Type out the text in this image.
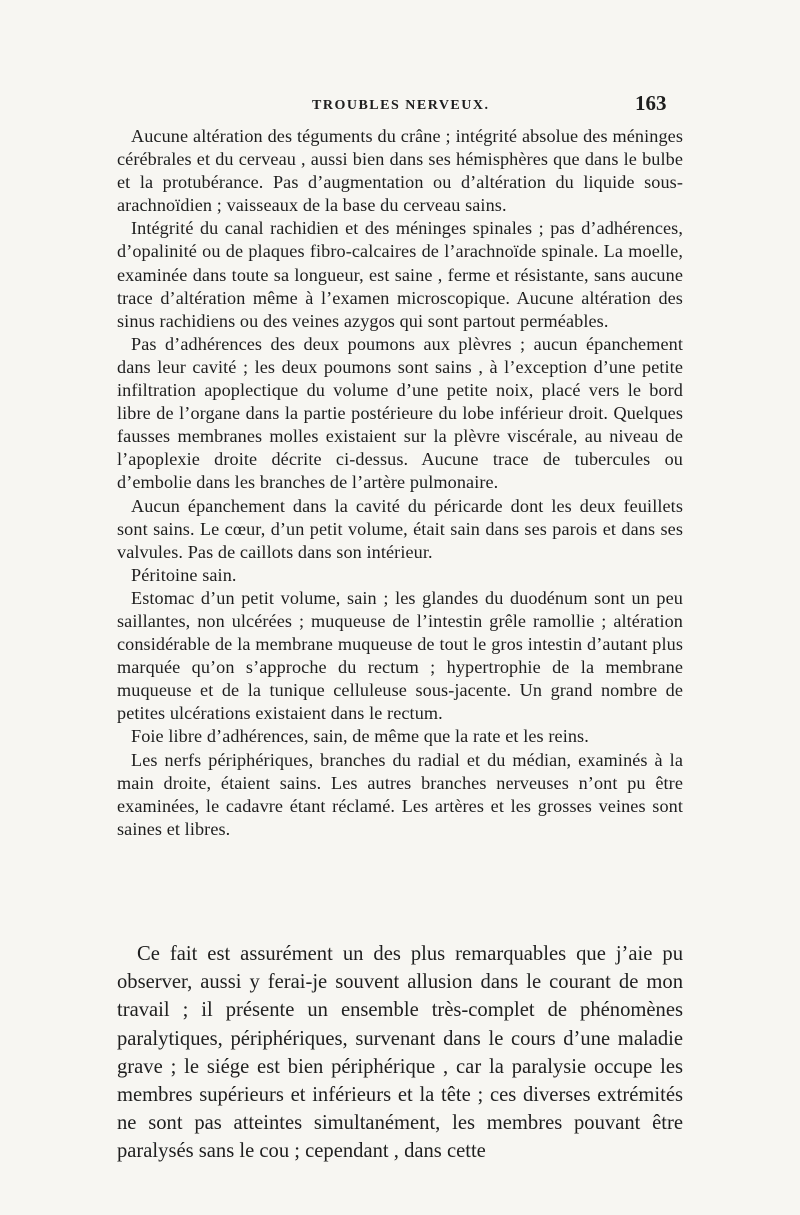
TROUBLES NERVEUX.	163

Aucune altération des téguments du crâne ; intégrité absolue des méninges cérébrales et du cerveau , aussi bien dans ses hémisphères que dans le bulbe et la protubérance. Pas d’augmentation ou d’altération du liquide sous-arachnoïdien ; vaisseaux de la base du cerveau sains.

Intégrité du canal rachidien et des méninges spinales ; pas d’adhérences, d’opalinité ou de plaques fibro-calcaires de l’arachnoïde spinale. La moelle, examinée dans toute sa longueur, est saine , ferme et résistante, sans aucune trace d’altération même à l’examen microscopique. Aucune altération des sinus rachidiens ou des veines azygos qui sont partout perméables.

Pas d’adhérences des deux poumons aux plèvres ; aucun épanchement dans leur cavité ; les deux poumons sont sains , à l’exception d’une petite infiltration apoplectique du volume d’une petite noix, placé vers le bord libre de l’organe dans la partie postérieure du lobe inférieur droit. Quelques fausses membranes molles existaient sur la plèvre viscérale, au niveau de l’apoplexie droite décrite ci-dessus. Aucune trace de tubercules ou d’embolie dans les branches de l’artère pulmonaire.

Aucun épanchement dans la cavité du péricarde dont les deux feuillets sont sains. Le cœur, d’un petit volume, était sain dans ses parois et dans ses valvules. Pas de caillots dans son intérieur.

Péritoine sain.

Estomac d’un petit volume, sain ; les glandes du duodénum sont un peu saillantes, non ulcérées ; muqueuse de l’intestin grêle ramollie ; altération considérable de la membrane muqueuse de tout le gros intestin d’autant plus marquée qu’on s’approche du rectum ; hypertrophie de la membrane muqueuse et de la tunique celluleuse sous-jacente. Un grand nombre de petites ulcérations existaient dans le rectum.

Foie libre d’adhérences, sain, de même que la rate et les reins.

Les nerfs périphériques, branches du radial et du médian, examinés à la main droite, étaient sains. Les autres branches nerveuses n’ont pu être examinées, le cadavre étant réclamé. Les artères et les grosses veines sont saines et libres.

Ce fait est assurément un des plus remarquables que j’aie pu observer, aussi y ferai-je souvent allusion dans le courant de mon travail ; il présente un ensemble très-complet de phénomènes paralytiques, périphériques, survenant dans le cours d’une maladie grave ; le siége est bien périphérique , car la paralysie occupe les membres supérieurs et inférieurs et la tête ; ces diverses extrémités ne sont pas atteintes simultanément, les membres pouvant être paralysés sans le cou ; cependant , dans cette
